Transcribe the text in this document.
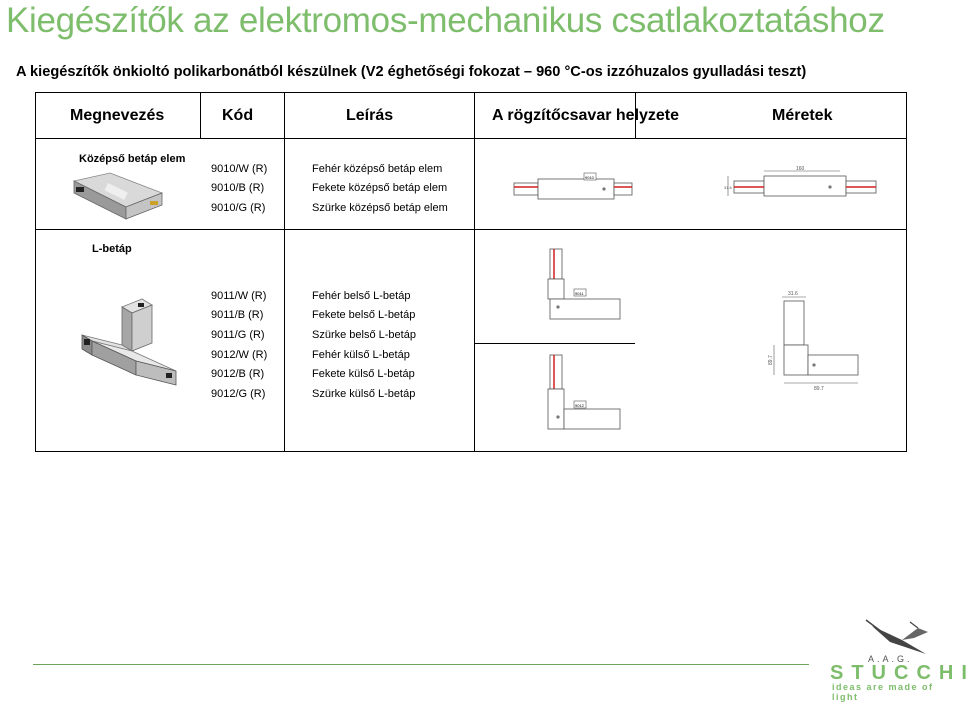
Kiegészítők az elektromos-mechanikus csatlakoztatáshoz
A kiegészítők önkioltó polikarbonátból készülnek (V2 éghetőségi fokozat – 960 °C-os izzóhuzalos gyulladási teszt)
Megnevezés	Kód	Leírás	A rögzítőcsavar helyzete	Méretek
Középső betáp elem
9010/W (R)	Fehér középső betáp elem
9010/B (R)	Fekete középső betáp elem
9010/G (R)	Szürke középső betáp elem
9010
160
31.6
L-betáp
9011/W (R)	Fehér belső L-betáp
9011/B (R)	Fekete belső L-betáp
9011/G (R)	Szürke belső L-betáp
9012/W (R)	Fehér külső L-betáp
9012/B (R)	Fekete külső L-betáp
9012/G (R)	Szürke külső L-betáp
9011
9012
31.6
89.7
89.7
A.A.G.
STUCCHI
ideas are made of light
